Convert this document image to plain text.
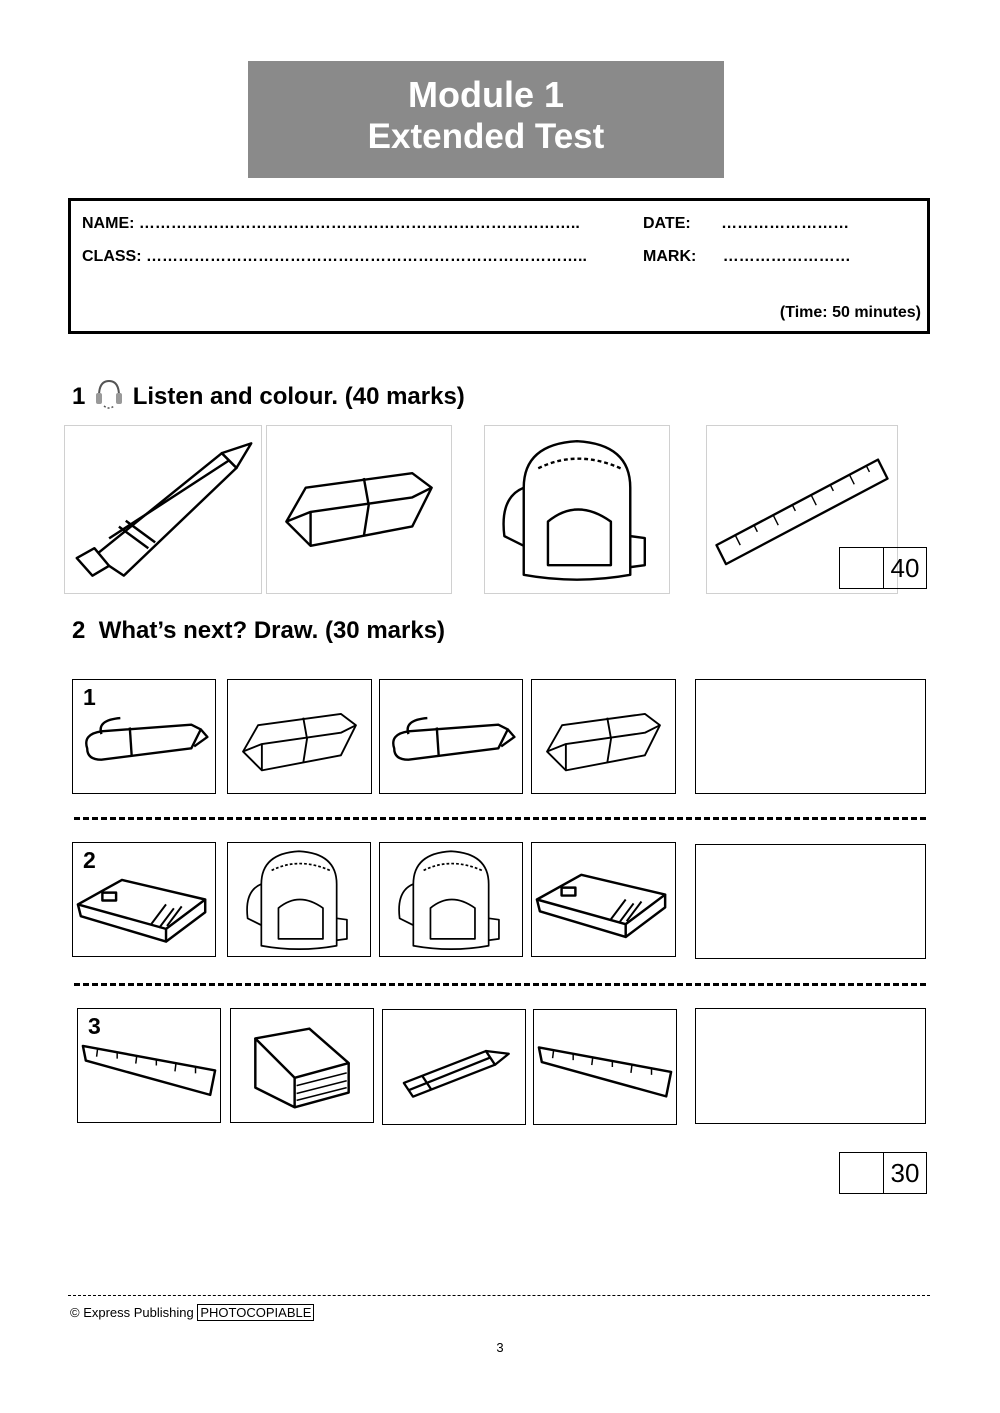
Module 1
Extended Test
NAME: ………………………………………………………………………..	DATE: ……………………
CLASS: ………………………………………………………………………..	MARK: ……………………
(Time: 50 minutes)
1 Listen and colour. (40 marks)
40
2 What’s next? Draw. (30 marks)
1
2
3
30
© Express Publishing PHOTOCOPIABLE
3
